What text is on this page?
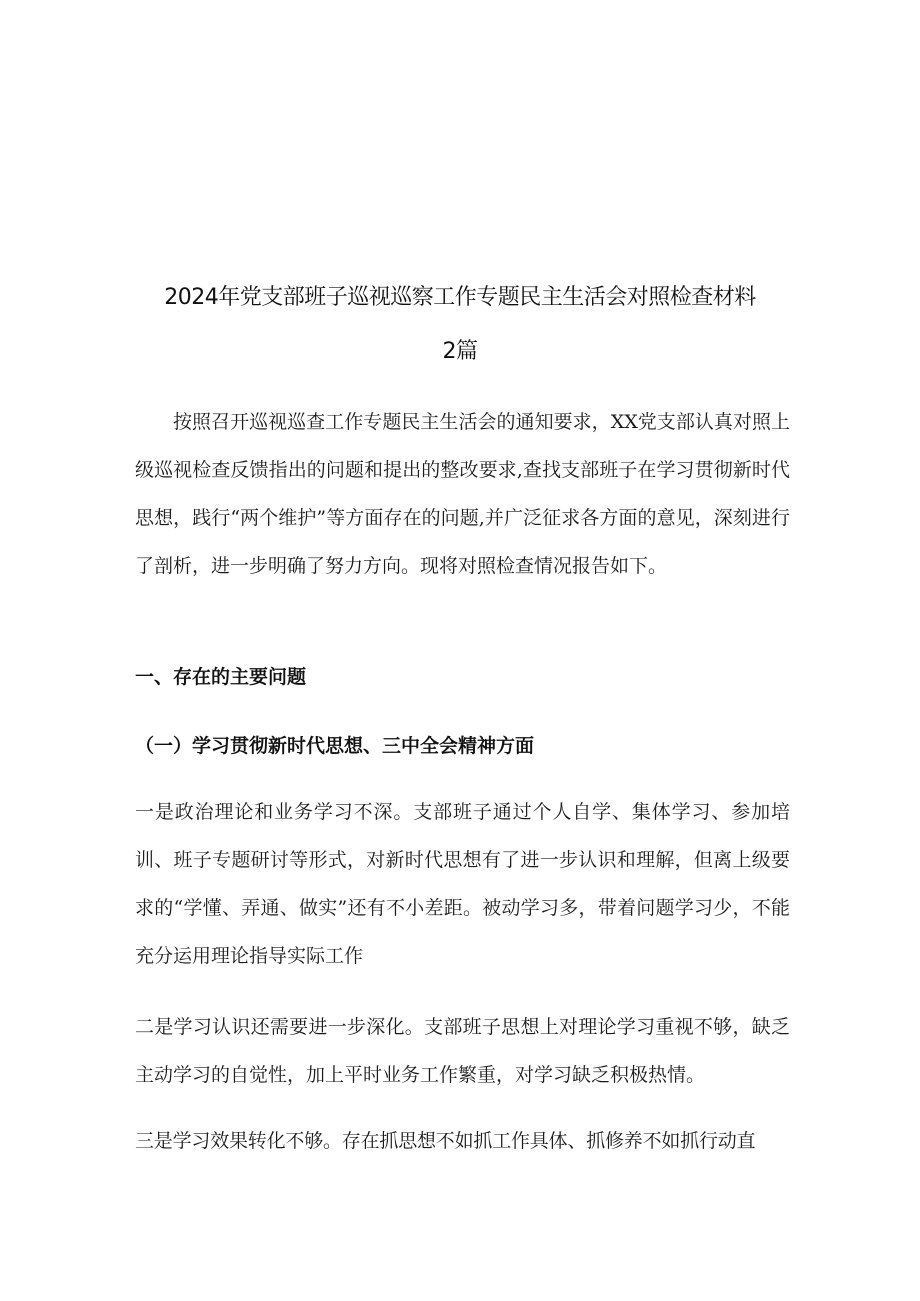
2024年党支部班子巡视巡察工作专题民主生活会对照检查材料
2篇

按照召开巡视巡查工作专题民主生活会的通知要求，XX党支部认真对照上级巡视检查反馈指出的问题和提出的整改要求,查找支部班子在学习贯彻新时代思想，践行“两个维护”等方面存在的问题,并广泛征求各方面的意见，深刻进行了剖析，进一步明确了努力方向。现将对照检查情况报告如下。

一、存在的主要问题
（一）学习贯彻新时代思想、三中全会精神方面

一是政治理论和业务学习不深。支部班子通过个人自学、集体学习、参加培训、班子专题研讨等形式，对新时代思想有了进一步认识和理解，但离上级要求的“学懂、弄通、做实”还有不小差距。被动学习多，带着问题学习少，不能充分运用理论指导实际工作

二是学习认识还需要进一步深化。支部班子思想上对理论学习重视不够，缺乏主动学习的自觉性，加上平时业务工作繁重，对学习缺乏积极热情。

三是学习效果转化不够。存在抓思想不如抓工作具体、抓修养不如抓行动直
